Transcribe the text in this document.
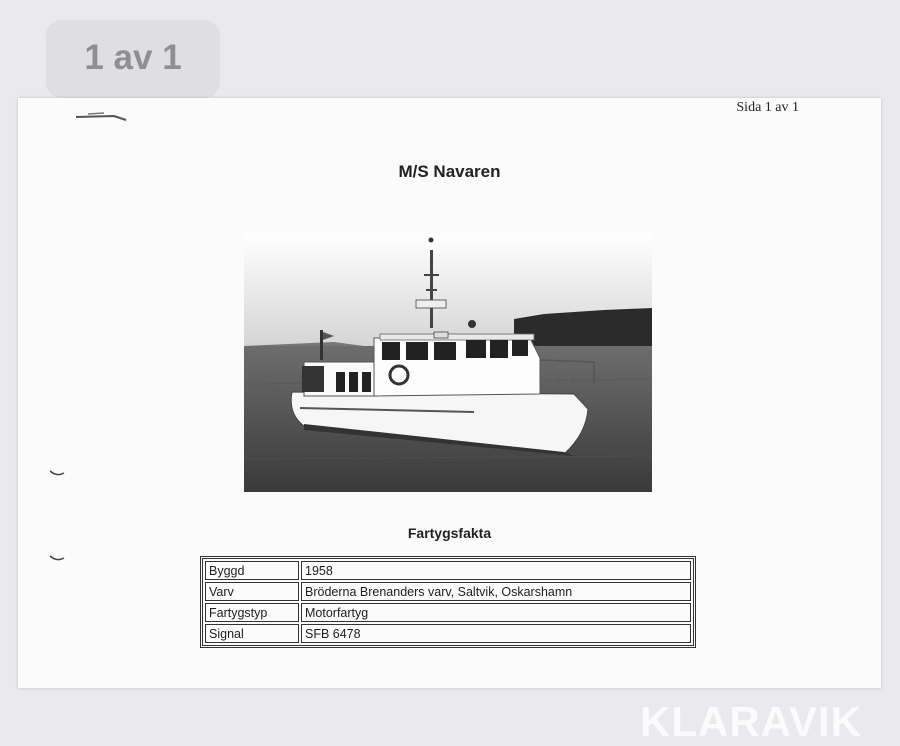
1 av 1
Sida 1 av 1
M/S Navaren
Fartygsfakta
Byggd	1958
Varv	Bröderna Brenanders varv, Saltvik, Oskarshamn
Fartygstyp	Motorfartyg
Signal	SFB 6478
KLARAVIK
